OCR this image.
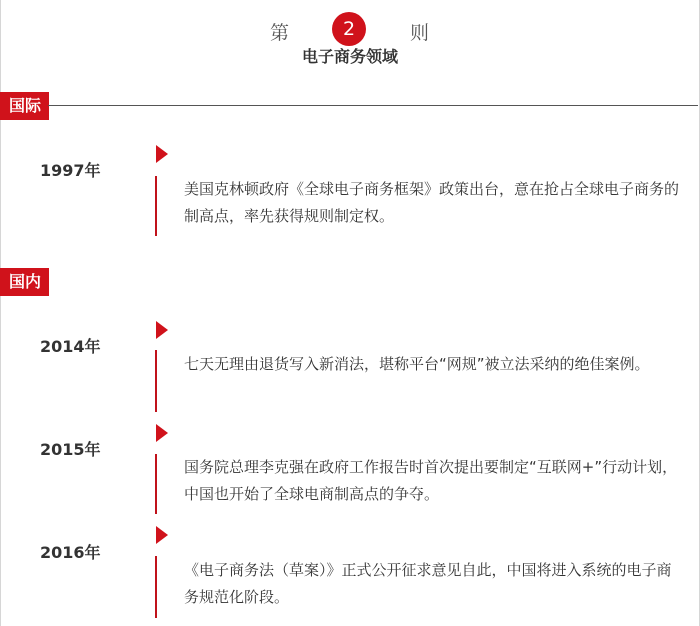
第	2	则
电子商务领域
国际
1997年
美国克林顿政府《全球电子商务框架》政策出台，意在抢占全球电子商务的制高点，率先获得规则制定权。
国内
2014年
七天无理由退货写入新消法，堪称平台“网规”被立法采纳的绝佳案例。
2015年
国务院总理李克强在政府工作报告时首次提出要制定“互联网+”行动计划，中国也开始了全球电商制高点的争夺。
2016年
《电子商务法（草案）》正式公开征求意见自此，中国将进入系统的电子商务规范化阶段。
